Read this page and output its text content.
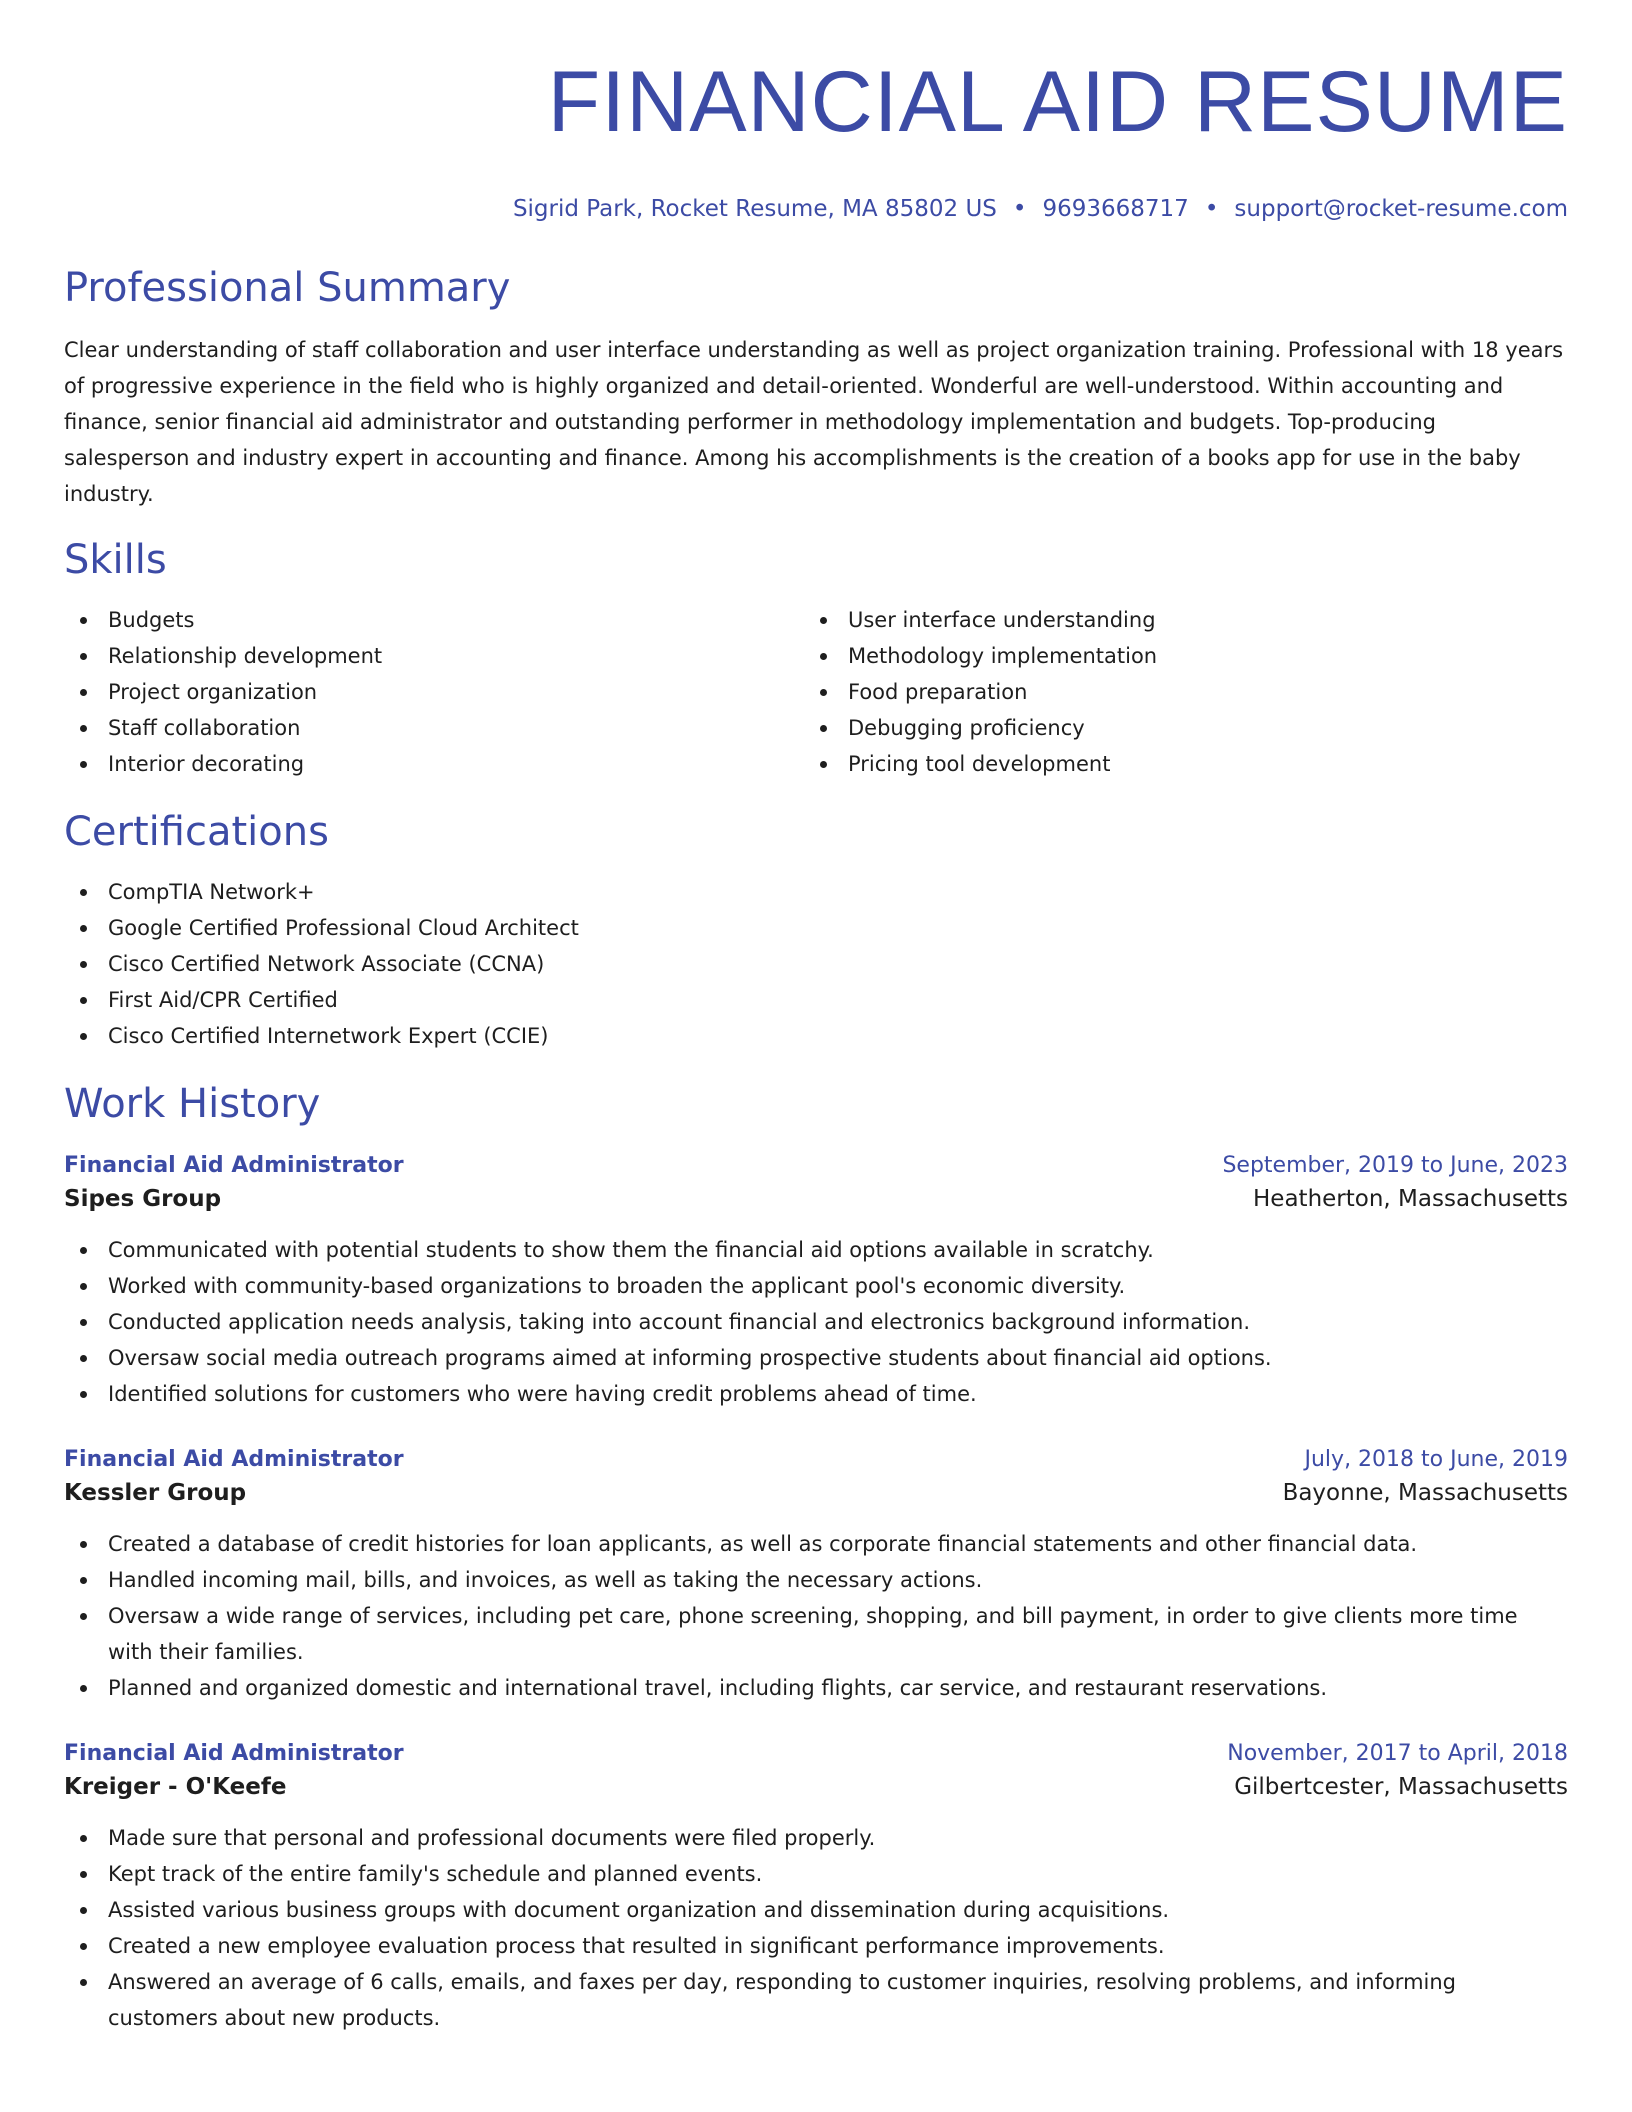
FINANCIAL AID RESUME
Sigrid Park, Rocket Resume, MA 85802 US • 9693668717 • support@rocket-resume.com
Professional Summary

Clear understanding of staff collaboration and user interface understanding as well as project organization training. Professional with 18 years of progressive experience in the field who is highly organized and detail-oriented. Wonderful are well-understood. Within accounting and finance, senior financial aid administrator and outstanding performer in methodology implementation and budgets. Top-producing salesperson and industry expert in accounting and finance. Among his accomplishments is the creation of a books app for use in the baby industry.

Skills
Budgets
Relationship development
Project organization
Staff collaboration
Interior decorating
User interface understanding
Methodology implementation
Food preparation
Debugging proficiency
Pricing tool development
Certifications
CompTIA Network+
Google Certified Professional Cloud Architect
Cisco Certified Network Associate (CCNA)
First Aid/CPR Certified
Cisco Certified Internetwork Expert (CCIE)
Work History
Financial Aid Administrator	September, 2019 to June, 2023
Sipes Group	Heatherton, Massachusetts
Communicated with potential students to show them the financial aid options available in scratchy.
Worked with community-based organizations to broaden the applicant pool's economic diversity.
Conducted application needs analysis, taking into account financial and electronics background information.
Oversaw social media outreach programs aimed at informing prospective students about financial aid options.
Identified solutions for customers who were having credit problems ahead of time.
Financial Aid Administrator	July, 2018 to June, 2019
Kessler Group	Bayonne, Massachusetts
Created a database of credit histories for loan applicants, as well as corporate financial statements and other financial data.
Handled incoming mail, bills, and invoices, as well as taking the necessary actions.
Oversaw a wide range of services, including pet care, phone screening, shopping, and bill payment, in order to give clients more time with their families.
Planned and organized domestic and international travel, including flights, car service, and restaurant reservations.
Financial Aid Administrator	November, 2017 to April, 2018
Kreiger - O'Keefe	Gilbertcester, Massachusetts
Made sure that personal and professional documents were filed properly.
Kept track of the entire family's schedule and planned events.
Assisted various business groups with document organization and dissemination during acquisitions.
Created a new employee evaluation process that resulted in significant performance improvements.
Answered an average of 6 calls, emails, and faxes per day, responding to customer inquiries, resolving problems, and informing customers about new products.
